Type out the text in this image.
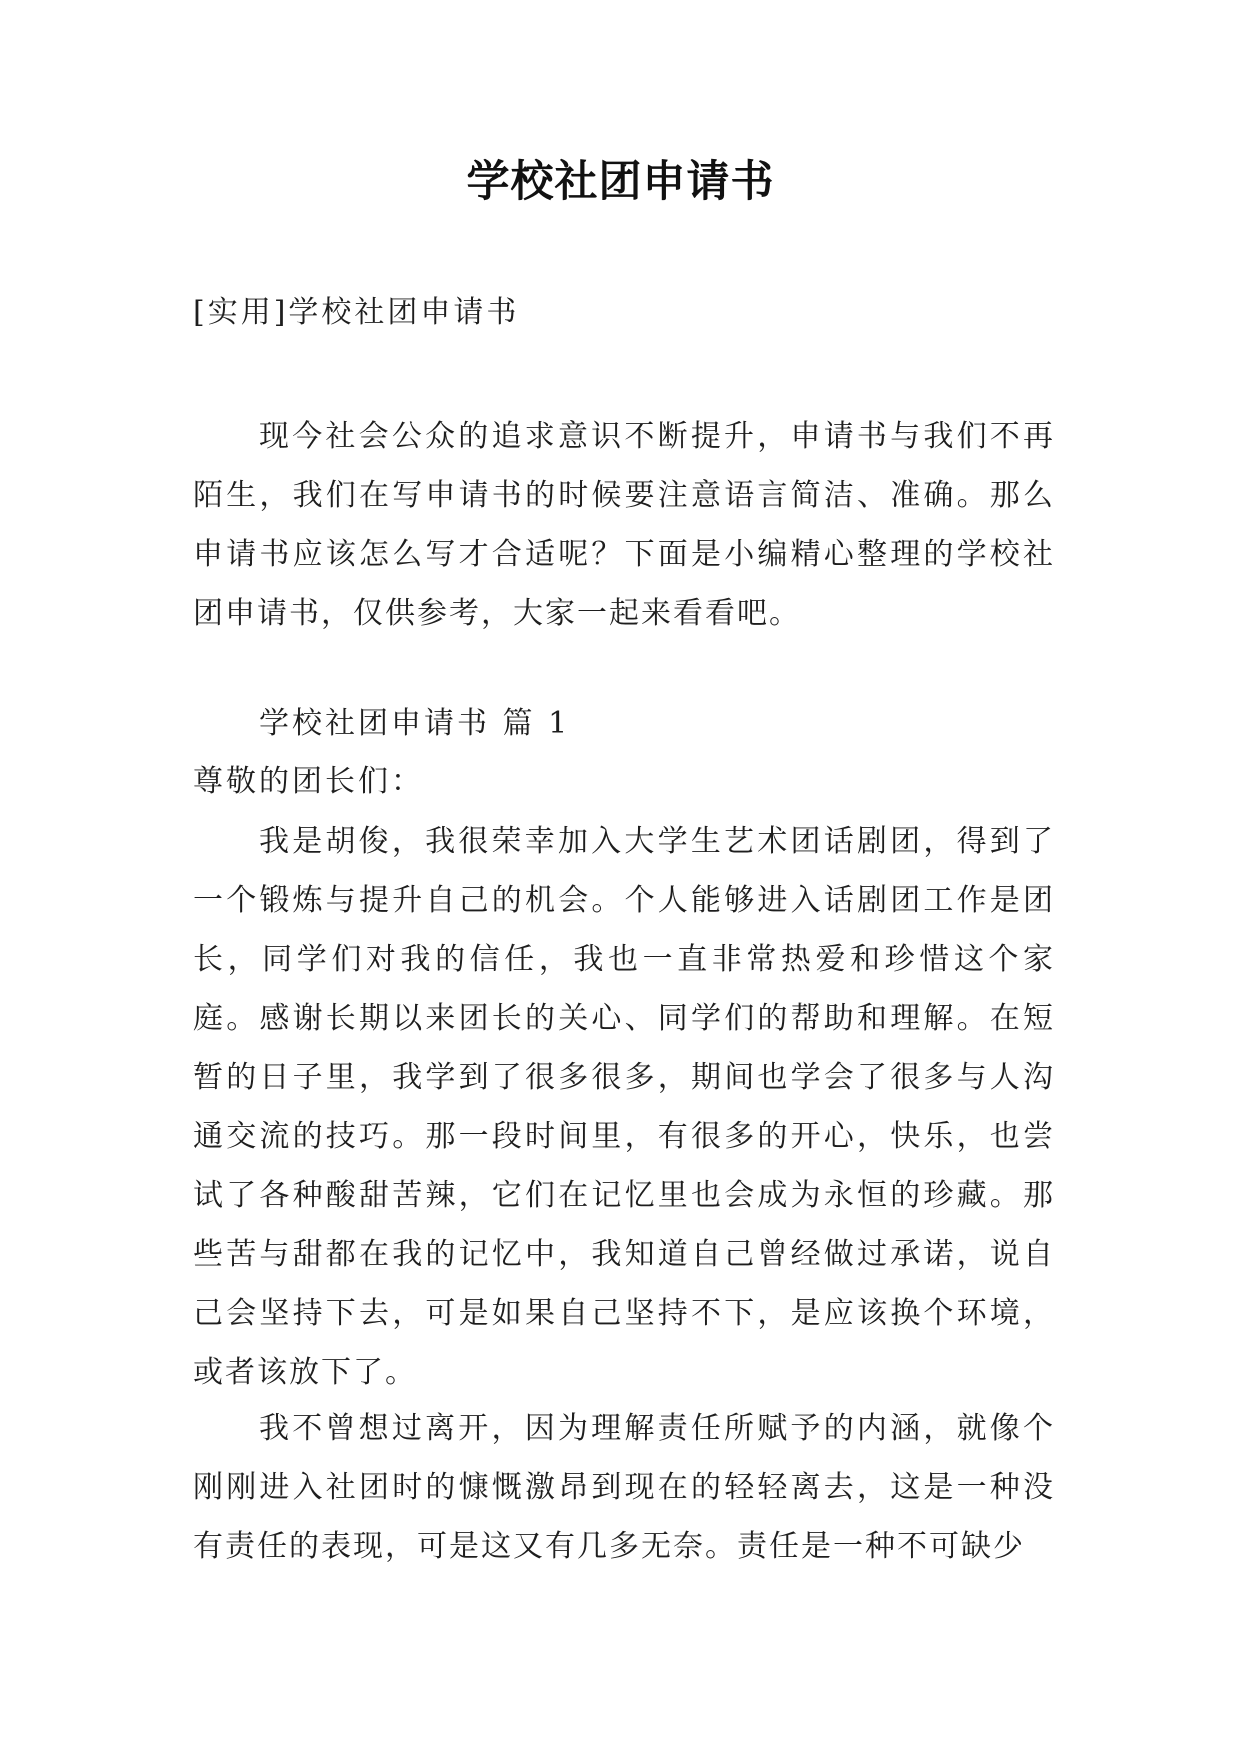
学校社团申请书
[实用]学校社团申请书
现今社会公众的追求意识不断提升，申请书与我们不再陌生，我们在写申请书的时候要注意语言简洁、准确。那么申请书应该怎么写才合适呢？下面是小编精心整理的学校社团申请书，仅供参考，大家一起来看看吧。
学校社团申请书 篇 1
尊敬的团长们：
我是胡俊，我很荣幸加入大学生艺术团话剧团，得到了一个锻炼与提升自己的机会。个人能够进入话剧团工作是团长，同学们对我的信任，我也一直非常热爱和珍惜这个家庭。感谢长期以来团长的关心、同学们的帮助和理解。在短暂的日子里，我学到了很多很多，期间也学会了很多与人沟通交流的技巧。那一段时间里，有很多的开心，快乐，也尝试了各种酸甜苦辣，它们在记忆里也会成为永恒的珍藏。那些苦与甜都在我的记忆中，我知道自己曾经做过承诺，说自己会坚持下去，可是如果自己坚持不下，是应该换个环境，或者该放下了。
我不曾想过离开，因为理解责任所赋予的内涵，就像个刚刚进入社团时的慷慨激昂到现在的轻轻离去，这是一种没有责任的表现，可是这又有几多无奈。责任是一种不可缺少
